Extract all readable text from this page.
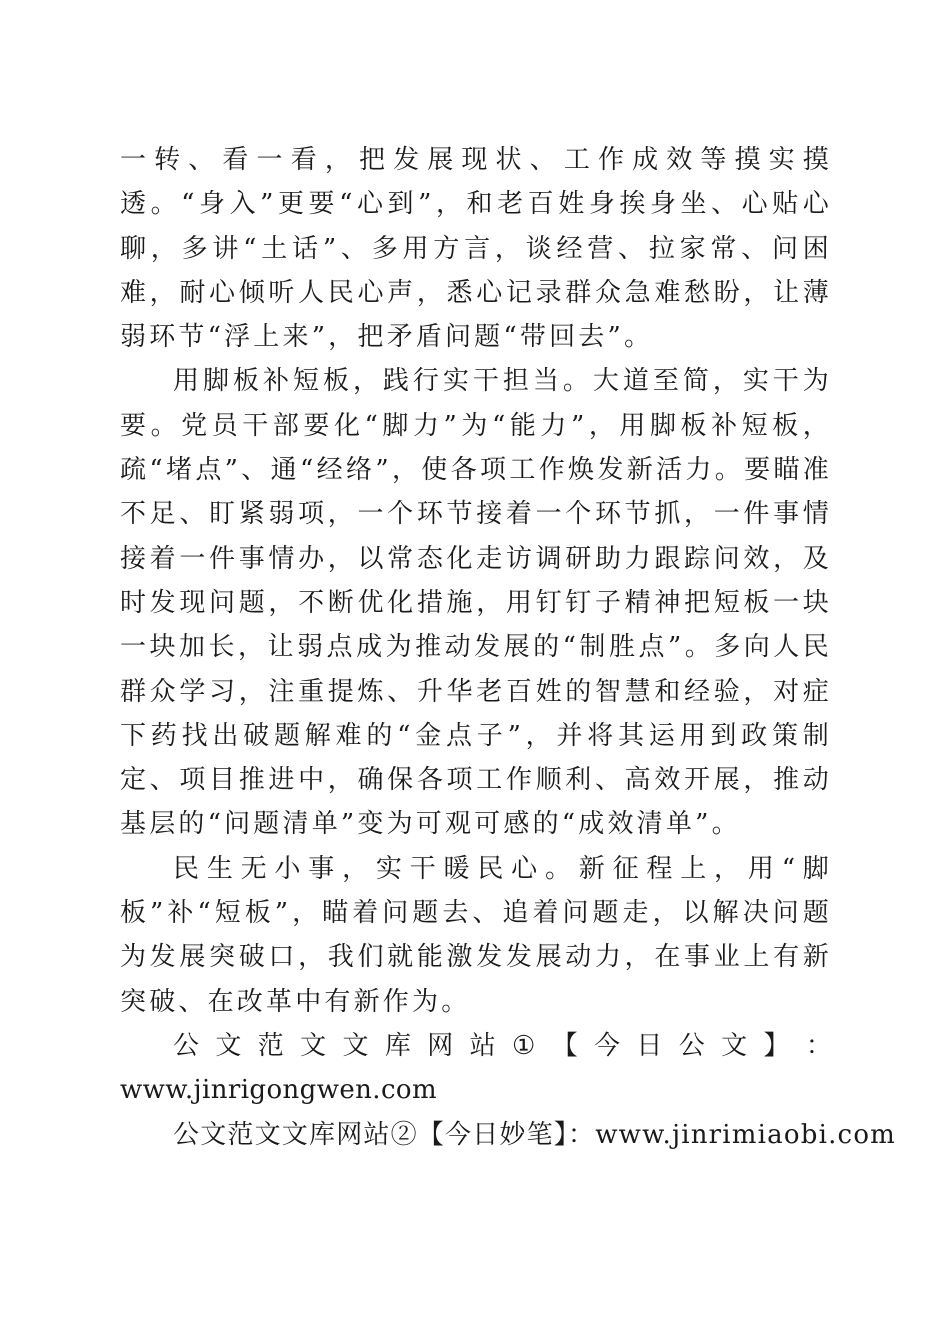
一转、看一看，把发展现状、工作成效等摸实摸透。“身入”更要“心到”，和老百姓身挨身坐、心贴心聊，多讲“土话”、多用方言，谈经营、拉家常、问困难，耐心倾听人民心声，悉心记录群众急难愁盼，让薄弱环节“浮上来”，把矛盾问题“带回去”。

用脚板补短板，践行实干担当。大道至简，实干为要。党员干部要化“脚力”为“能力”，用脚板补短板，疏“堵点”、通“经络”，使各项工作焕发新活力。要瞄准不足、盯紧弱项，一个环节接着一个环节抓，一件事情接着一件事情办，以常态化走访调研助力跟踪问效，及时发现问题，不断优化措施，用钉钉子精神把短板一块一块加长，让弱点成为推动发展的“制胜点”。多向人民群众学习，注重提炼、升华老百姓的智慧和经验，对症下药找出破题解难的“金点子”，并将其运用到政策制定、项目推进中，确保各项工作顺利、高效开展，推动基层的“问题清单”变为可观可感的“成效清单”。

民生无小事，实干暖民心。新征程上，用“脚板”补“短板”，瞄着问题去、追着问题走，以解决问题为发展突破口，我们就能激发发展动力，在事业上有新突破、在改革中有新作为。

公 文 范 文 文 库 网 站 ① 【 今 日 公 文 】 ：
www.jinrigongwen.com
公文范文文库网站②【今日妙笔】：www.jinrimiaobi.com
